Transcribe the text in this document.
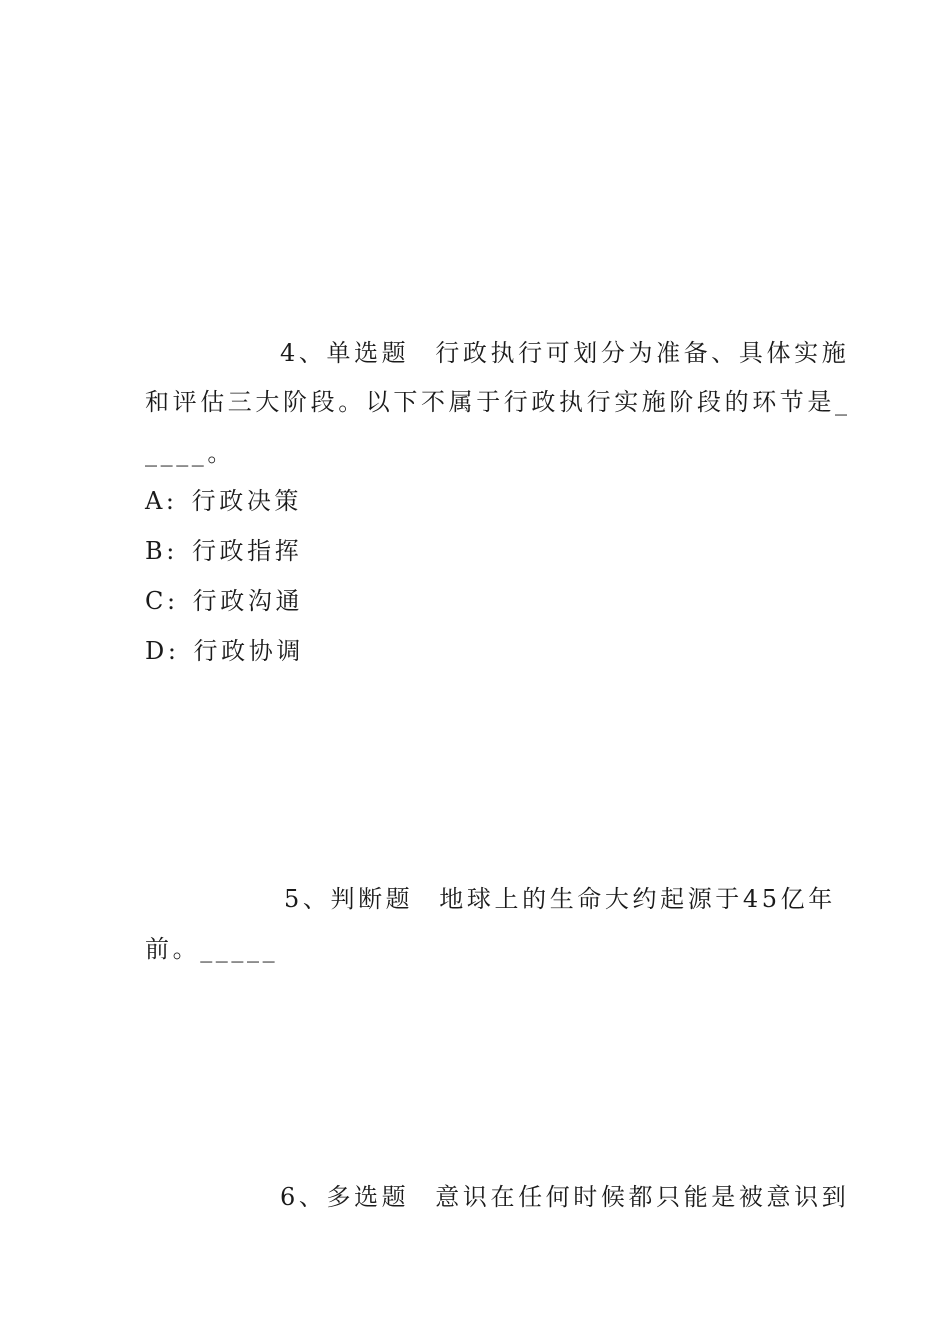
4、单选题 行政执行可划分为准备、具体实施
和评估三大阶段。以下不属于行政执行实施阶段的环节是_
____。
A: 行政决策
B: 行政指挥
C: 行政沟通
D: 行政协调
5、判断题 地球上的生命大约起源于45亿年
前。_____
6、多选题 意识在任何时候都只能是被意识到
